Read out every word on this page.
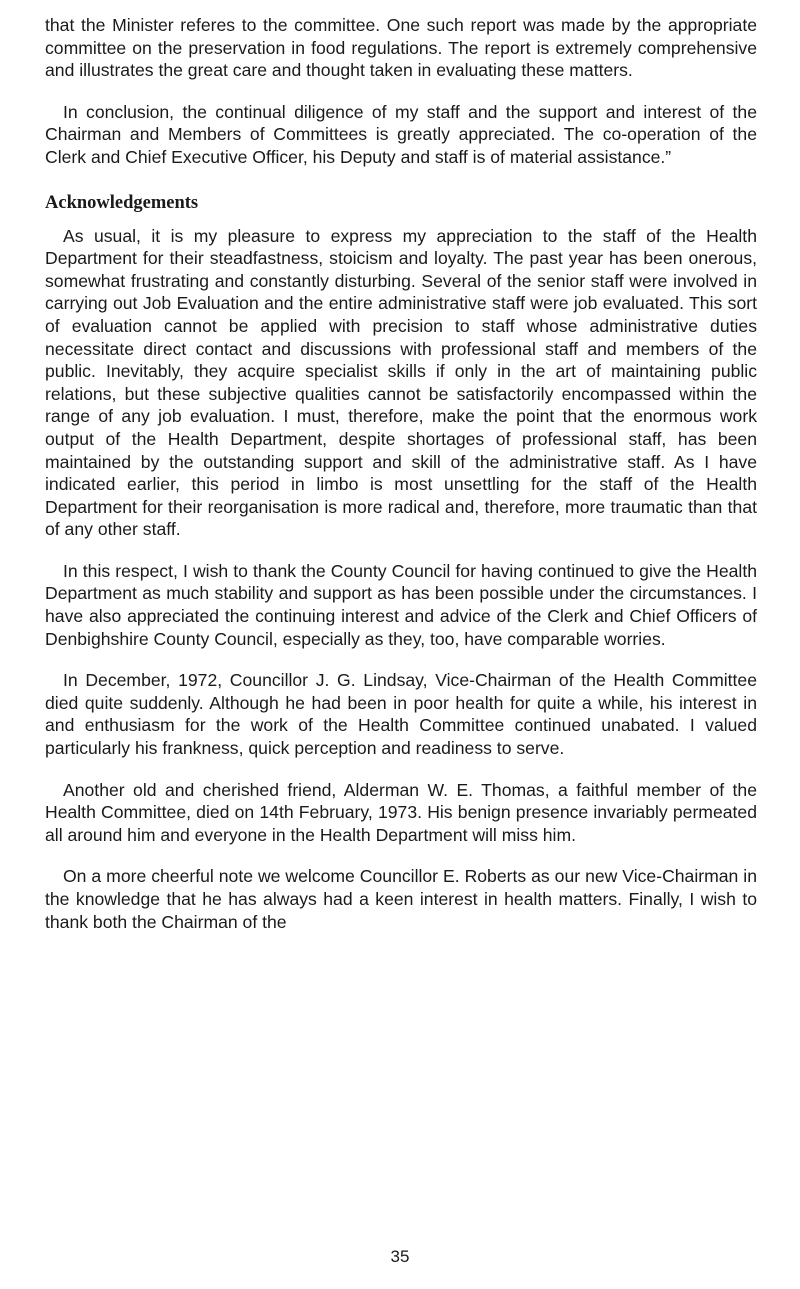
that the Minister referes to the committee. One such report was made by the appropriate committee on the preservation in food regulations. The report is extremely comprehensive and illustrates the great care and thought taken in evaluating these matters.

In conclusion, the continual diligence of my staff and the support and interest of the Chairman and Members of Committees is greatly appreciated. The co-operation of the Clerk and Chief Executive Officer, his Deputy and staff is of material assistance.”

Acknowledgements

As usual, it is my pleasure to express my appreciation to the staff of the Health Department for their steadfastness, stoicism and loyalty. The past year has been onerous, somewhat frustrating and constantly disturbing. Several of the senior staff were involved in carrying out Job Evaluation and the entire administrative staff were job evaluated. This sort of evaluation cannot be applied with precision to staff whose administrative duties necessitate direct contact and discussions with professional staff and members of the public. Inevitably, they acquire specialist skills if only in the art of maintaining public relations, but these subjective qualities cannot be satisfactorily encompassed within the range of any job evaluation. I must, therefore, make the point that the enormous work output of the Health Department, despite shortages of professional staff, has been maintained by the outstanding support and skill of the administrative staff. As I have indicated earlier, this period in limbo is most unsettling for the staff of the Health Department for their reorganisation is more radical and, therefore, more traumatic than that of any other staff.

In this respect, I wish to thank the County Council for having continued to give the Health Department as much stability and support as has been possible under the circumstances. I have also appreciated the continuing interest and advice of the Clerk and Chief Officers of Denbighshire County Council, especially as they, too, have comparable worries.

In December, 1972, Councillor J. G. Lindsay, Vice-Chairman of the Health Committee died quite suddenly. Although he had been in poor health for quite a while, his interest in and enthusiasm for the work of the Health Committee continued unabated. I valued particularly his frankness, quick perception and readiness to serve.

Another old and cherished friend, Alderman W. E. Thomas, a faithful member of the Health Committee, died on 14th February, 1973. His benign presence invariably permeated all around him and everyone in the Health Department will miss him.

On a more cheerful note we welcome Councillor E. Roberts as our new Vice-Chairman in the knowledge that he has always had a keen interest in health matters. Finally, I wish to thank both the Chairman of the

35
